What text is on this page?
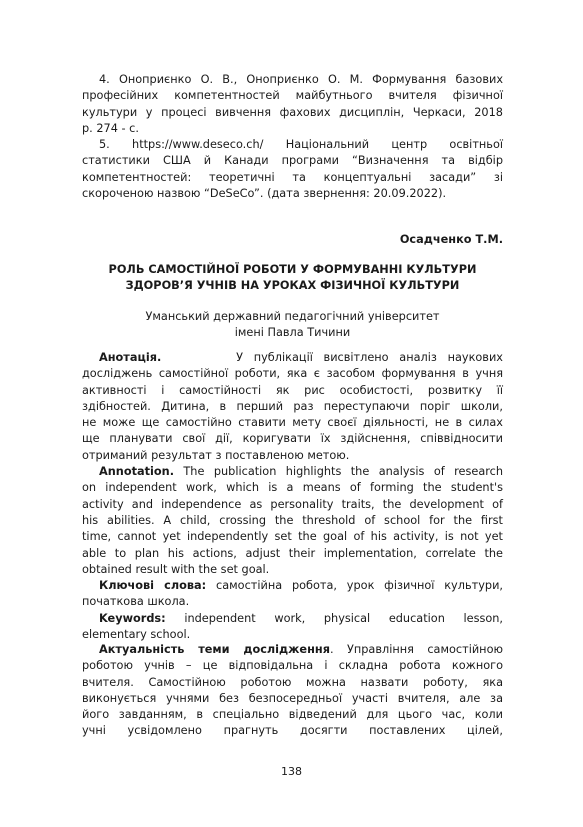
4. Оноприєнко О. В., Оноприєнко О. М. Формування базових

професійних компетентностей майбутнього вчителя фізичної

культури у процесі вивчення фахових дисциплін, Черкаси, 2018

р. 274 - с.

5. https://www.deseco.ch/ Національний центр освітньої

статистики США й Канади програми “Визначення та відбір

компетентностей: теоретичні та концептуальні засади” зі

скороченою назвою “DeSeCo”. (дата звернення: 20.09.2022).

Осадченко Т.М.
РОЛЬ САМОСТІЙНОЇ РОБОТИ У ФОРМУВАННІ КУЛЬТУРИ
ЗДОРОВ’Я УЧНІВ НА УРОКАХ ФІЗИЧНОЇ КУЛЬТУРИ
Уманський державний педагогічний університет
імені Павла Тичини

Анотація.	У публікації висвітлено аналіз наукових

досліджень самостійної роботи, яка є засобом формування в учня

активності і самостійності як рис особистості, розвитку її

здібностей. Дитина, в перший раз переступаючи поріг школи,

не може ще самостійно ставити мету своєї діяльності, не в силах

ще планувати свої дії, коригувати їх здійснення, співвідносити

отриманий результат з поставленою метою.

Annotation. The publication highlights the analysis of research

on independent work, which is a means of forming the student's

activity and independence as personality traits, the development of

his abilities. A child, crossing the threshold of school for the first

time, cannot yet independently set the goal of his activity, is not yet

able to plan his actions, adjust their implementation, correlate the

obtained result with the set goal.

Ключові слова: самостійна робота, урок фізичної культури,

початкова школа.

Keywords: independent work, physical education lesson,

elementary school.

Актуальність теми дослідження. Управління самостійною

роботою учнів – це відповідальна і складна робота кожного

вчителя. Самостійною роботою можна назвати роботу, яка

виконується учнями без безпосередньої участі вчителя, але за

його завданням, в спеціально відведений для цього час, коли

учні усвідомлено прагнуть досягти поставлених цілей,

138
